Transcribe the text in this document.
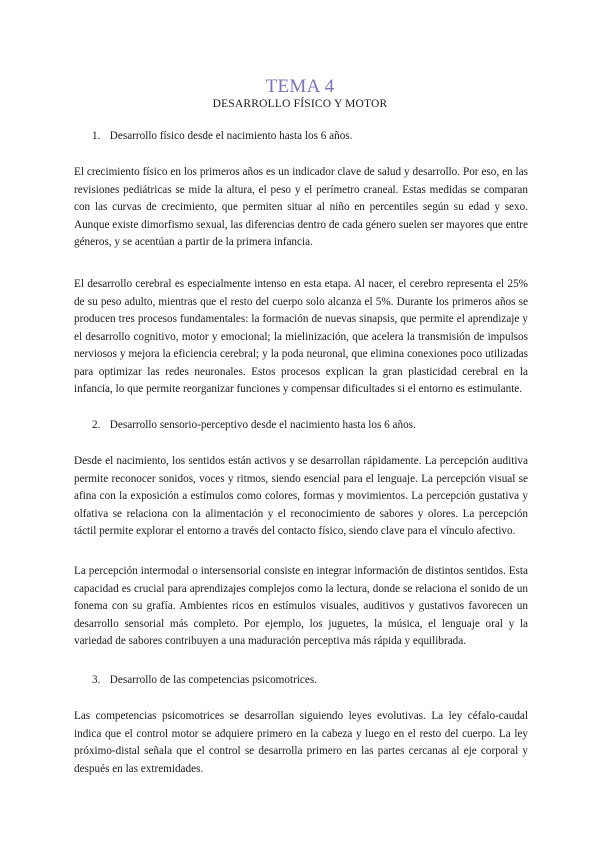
TEMA 4
DESARROLLO FÍSICO Y MOTOR
1. Desarrollo físico desde el nacimiento hasta los 6 años.

El crecimiento físico en los primeros años es un indicador clave de salud y desarrollo. Por eso, en las revisiones pediátricas se mide la altura, el peso y el perímetro craneal. Estas medidas se comparan con las curvas de crecimiento, que permiten situar al niño en percentiles según su edad y sexo. Aunque existe dimorfismo sexual, las diferencias dentro de cada género suelen ser mayores que entre géneros, y se acentúan a partir de la primera infancia.

El desarrollo cerebral es especialmente intenso en esta etapa. Al nacer, el cerebro representa el 25% de su peso adulto, mientras que el resto del cuerpo solo alcanza el 5%. Durante los primeros años se producen tres procesos fundamentales: la formación de nuevas sinapsis, que permite el aprendizaje y el desarrollo cognitivo, motor y emocional; la mielinización, que acelera la transmisión de impulsos nerviosos y mejora la eficiencia cerebral; y la poda neuronal, que elimina conexiones poco utilizadas para optimizar las redes neuronales. Estos procesos explican la gran plasticidad cerebral en la infancia, lo que permite reorganizar funciones y compensar dificultades si el entorno es estimulante.

2. Desarrollo sensorio-perceptivo desde el nacimiento hasta los 6 años.

Desde el nacimiento, los sentidos están activos y se desarrollan rápidamente. La percepción auditiva permite reconocer sonidos, voces y ritmos, siendo esencial para el lenguaje. La percepción visual se afina con la exposición a estímulos como colores, formas y movimientos. La percepción gustativa y olfativa se relaciona con la alimentación y el reconocimiento de sabores y olores. La percepción táctil permite explorar el entorno a través del contacto físico, siendo clave para el vínculo afectivo.

La percepción intermodal o intersensorial consiste en integrar información de distintos sentidos. Esta capacidad es crucial para aprendizajes complejos como la lectura, donde se relaciona el sonido de un fonema con su grafía. Ambientes ricos en estímulos visuales, auditivos y gustativos favorecen un desarrollo sensorial más completo. Por ejemplo, los juguetes, la música, el lenguaje oral y la variedad de sabores contribuyen a una maduración perceptiva más rápida y equilibrada.

3. Desarrollo de las competencias psicomotrices.

Las competencias psicomotrices se desarrollan siguiendo leyes evolutivas. La ley céfalo-caudal indica que el control motor se adquiere primero en la cabeza y luego en el resto del cuerpo. La ley próximo-distal señala que el control se desarrolla primero en las partes cercanas al eje corporal y después en las extremidades.
